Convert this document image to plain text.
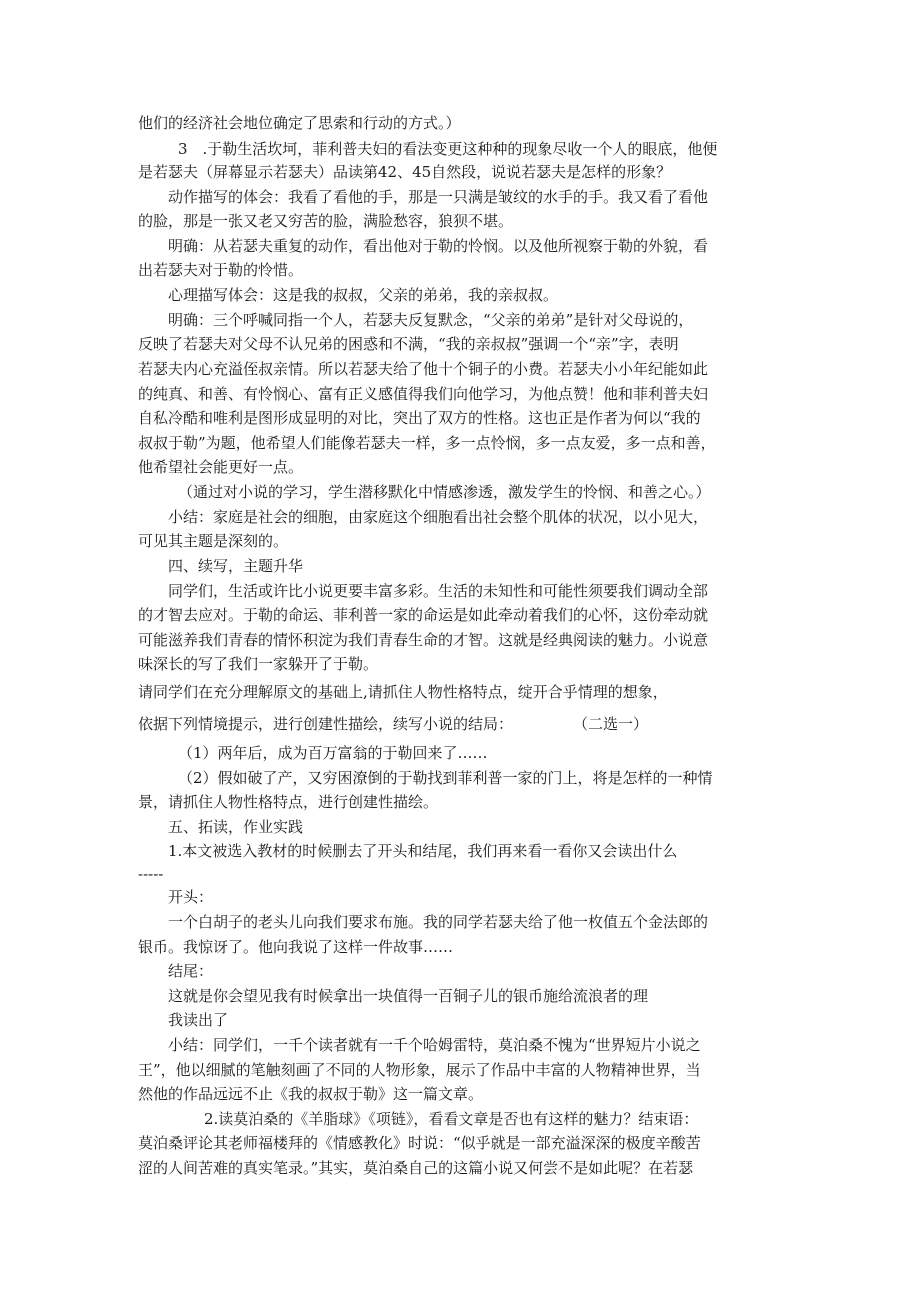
他们的经济社会地位确定了思索和行动的方式。）
3　.于勒生活坎坷，菲利普夫妇的看法变更这种种的现象尽收一个人的眼底，他便
是若瑟夫（屏幕显示若瑟夫）品读第42、45自然段，说说若瑟夫是怎样的形象？
动作描写的体会：我看了看他的手，那是一只满是皱纹的水手的手。我又看了看他
的脸，那是一张又老又穷苦的脸，满脸愁容，狼狈不堪。
明确：从若瑟夫重复的动作，看出他对于勒的怜悯。以及他所视察于勒的外貌，看
出若瑟夫对于勒的怜惜。
心理描写体会：这是我的叔叔，父亲的弟弟，我的亲叔叔。
明确：三个呼喊同指一个人，若瑟夫反复默念，“父亲的弟弟”是针对父母说的，
反映了若瑟夫对父母不认兄弟的困惑和不满，“我的亲叔叔”强调一个“亲”字，表明
若瑟夫内心充溢侄叔亲情。所以若瑟夫给了他十个铜子的小费。若瑟夫小小年纪能如此
的纯真、和善、有怜悯心、富有正义感值得我们向他学习，为他点赞！他和菲利普夫妇
自私冷酷和唯利是图形成显明的对比，突出了双方的性格。这也正是作者为何以“我的
叔叔于勒”为题，他希望人们能像若瑟夫一样，多一点怜悯，多一点友爱，多一点和善，
他希望社会能更好一点。
（通过对小说的学习，学生潜移默化中情感渗透，激发学生的怜悯、和善之心。）
小结：家庭是社会的细胞，由家庭这个细胞看出社会整个肌体的状况，以小见大，
可见其主题是深刻的。
四、续写，主题升华
同学们，生活或许比小说更要丰富多彩。生活的未知性和可能性须要我们调动全部
的才智去应对。于勒的命运、菲利普一家的命运是如此牵动着我们的心怀，这份牵动就
可能滋养我们青春的情怀积淀为我们青春生命的才智。这就是经典阅读的魅力。小说意
味深长的写了我们一家躲开了于勒。
请同学们在充分理解原文的基础上,请抓住人物性格特点，绽开合乎情理的想象，
依据下列情境提示，进行创建性描绘，续写小说的结局：　　　　　（二选一）
（1）两年后，成为百万富翁的于勒回来了……
（2）假如破了产，又穷困潦倒的于勒找到菲利普一家的门上，将是怎样的一种情
景，请抓住人物性格特点，进行创建性描绘。
五、拓读，作业实践
1.本文被选入教材的时候删去了开头和结尾，我们再来看一看你又会读出什么
-----
开头：
一个白胡子的老头儿向我们要求布施。我的同学若瑟夫给了他一枚值五个金法郎的
银币。我惊讶了。他向我说了这样一件故事……
结尾：
这就是你会望见我有时候拿出一块值得一百铜子儿的银币施给流浪者的理
我读出了
小结：同学们，一千个读者就有一千个哈姆雷特，莫泊桑不愧为“世界短片小说之
王”，他以细腻的笔触刻画了不同的人物形象，展示了作品中丰富的人物精神世界，当
然他的作品远远不止《我的叔叔于勒》这一篇文章。
2.读莫泊桑的《羊脂球》《项链》，看看文章是否也有这样的魅力？结束语：
莫泊桑评论其老师福楼拜的《情感教化》时说：“似乎就是一部充溢深深的极度辛酸苦
涩的人间苦难的真实笔录。”其实，莫泊桑自己的这篇小说又何尝不是如此呢？在若瑟
